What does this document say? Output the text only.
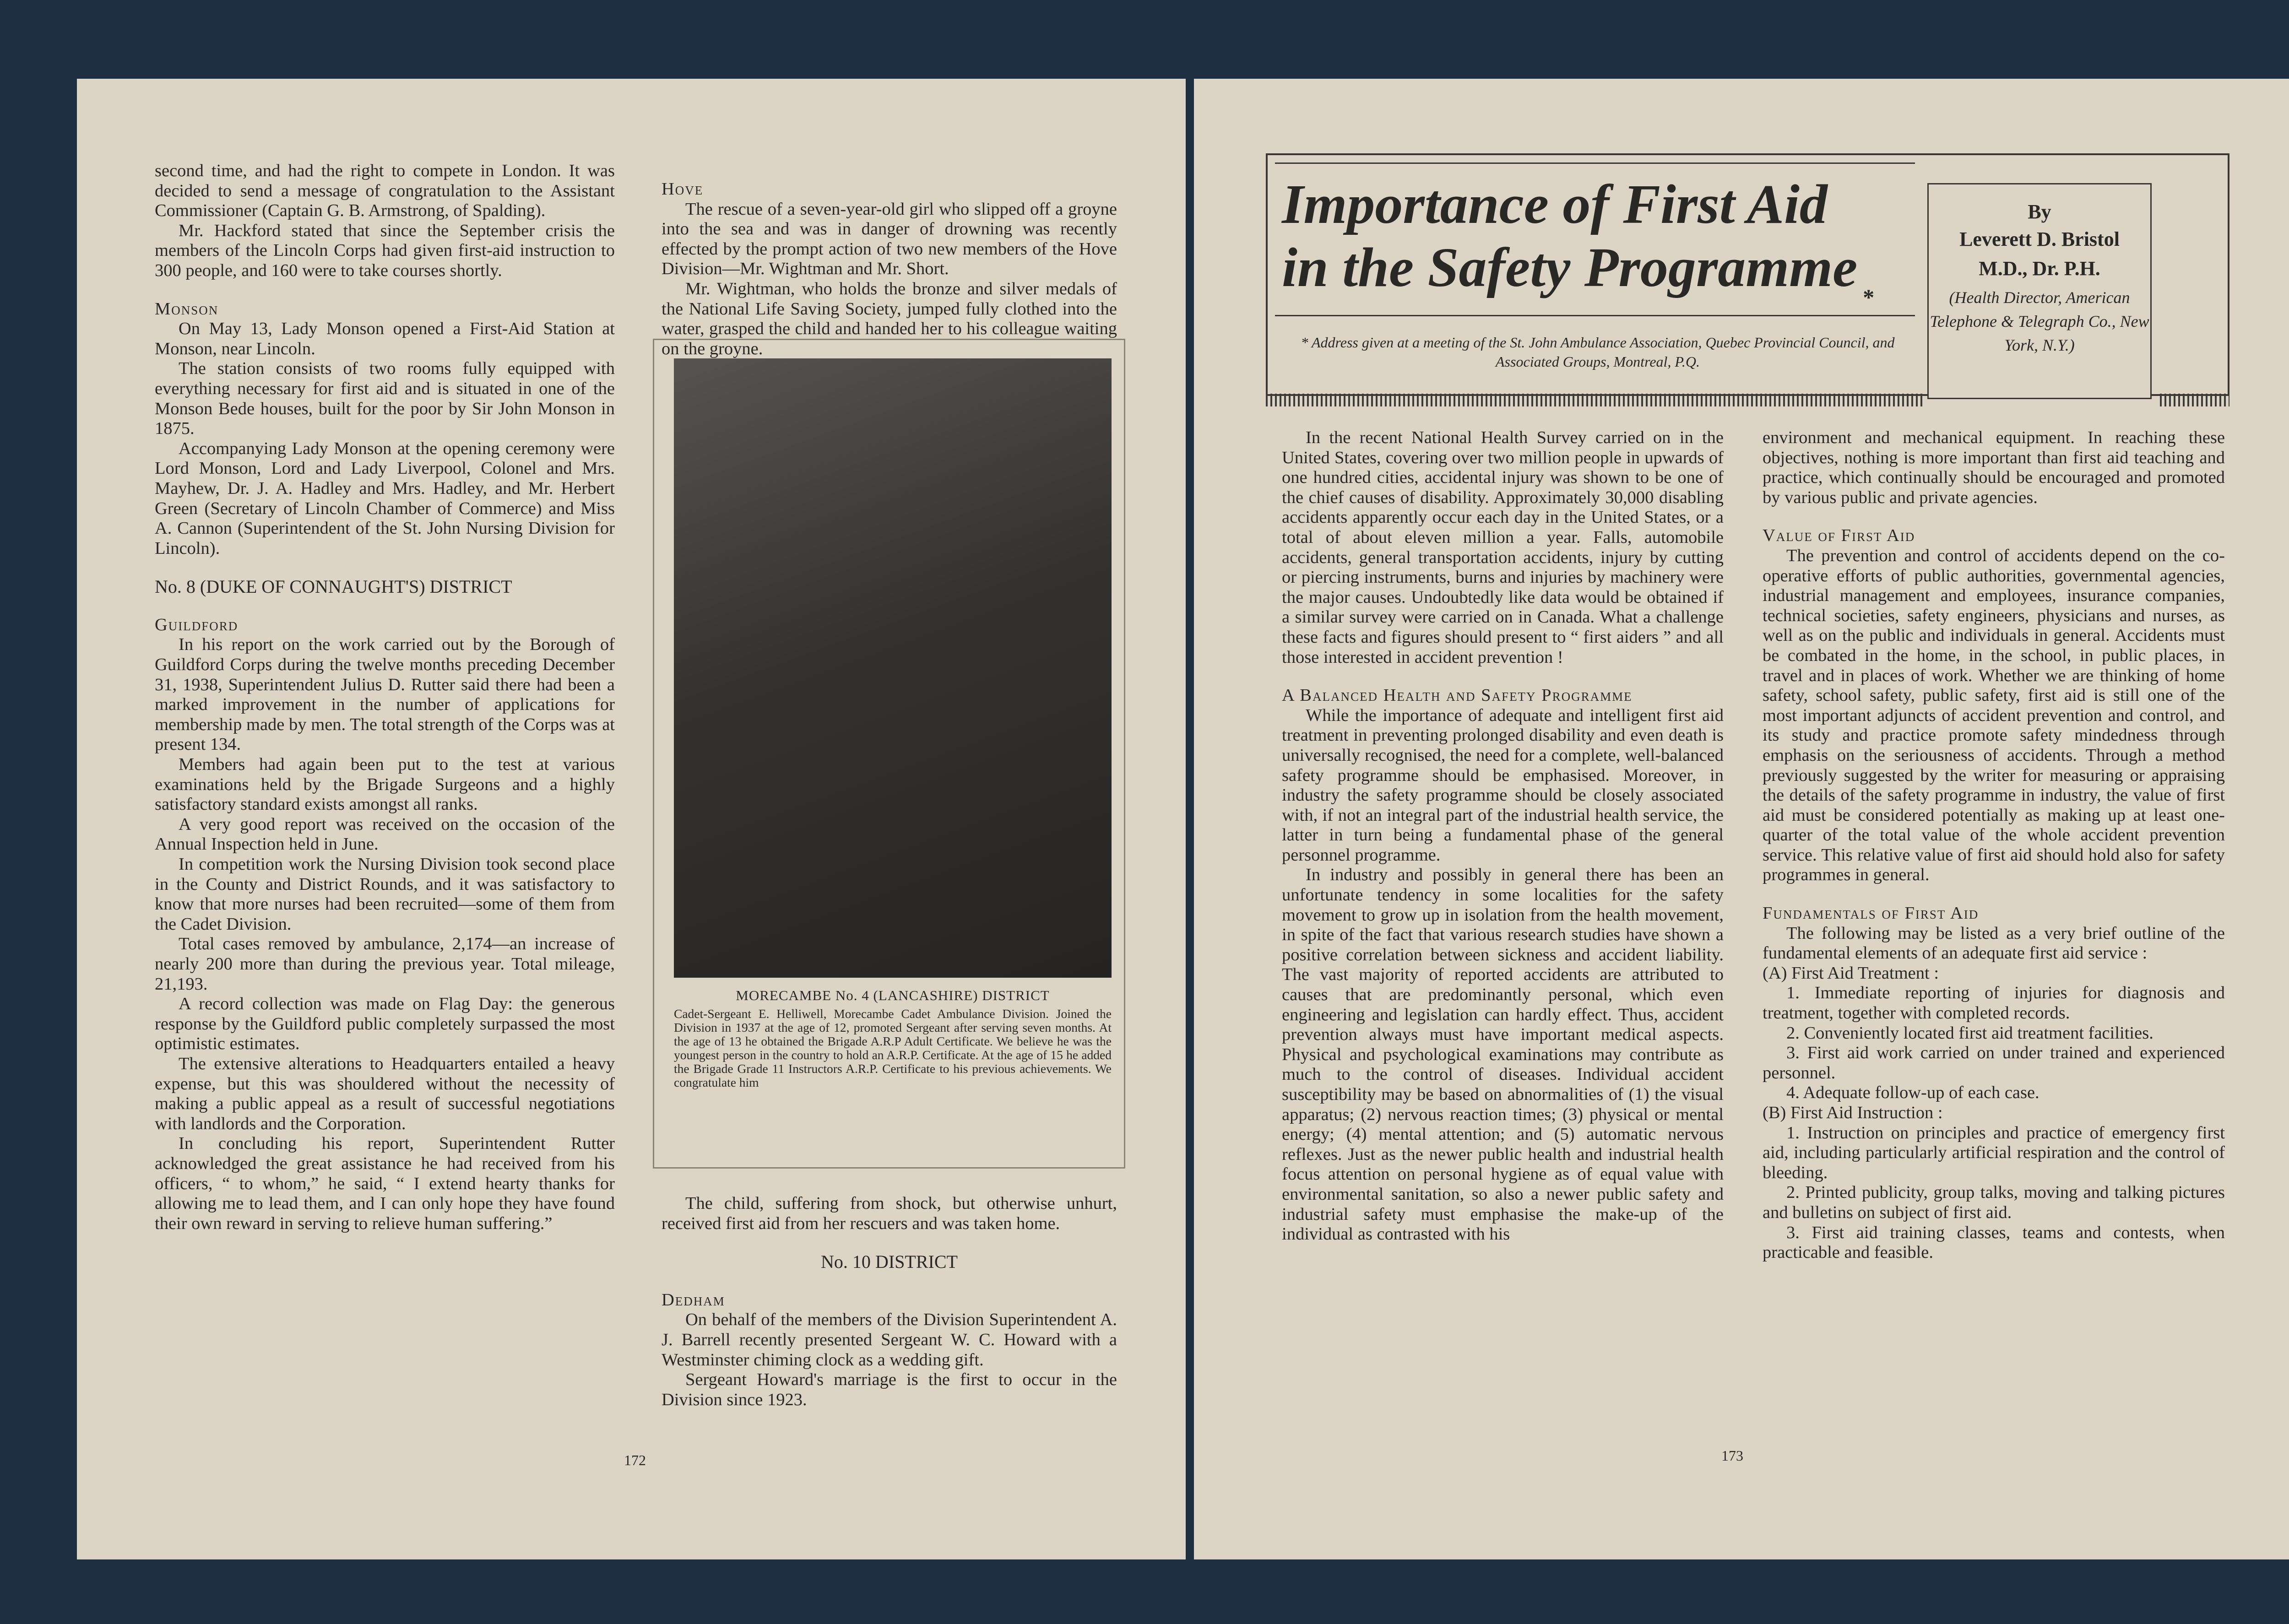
second time, and had the right to compete in London. It was decided to send a message of congratulation to the Assistant Commissioner (Captain G. B. Armstrong, of Spalding).

Mr. Hackford stated that since the September crisis the members of the Lincoln Corps had given first-aid instruction to 300 people, and 160 were to take courses shortly.

Monson

On May 13, Lady Monson opened a First-Aid Station at Monson, near Lincoln.

The station consists of two rooms fully equipped with everything necessary for first aid and is situated in one of the Monson Bede houses, built for the poor by Sir John Monson in 1875.

Accompanying Lady Monson at the opening ceremony were Lord Monson, Lord and Lady Liverpool, Colonel and Mrs. Mayhew, Dr. J. A. Hadley and Mrs. Hadley, and Mr. Herbert Green (Secretary of Lincoln Chamber of Commerce) and Miss A. Cannon (Superintendent of the St. John Nursing Division for Lincoln).

No. 8 (DUKE OF CONNAUGHT'S) DISTRICT

Guildford

In his report on the work carried out by the Borough of Guildford Corps during the twelve months preceding December 31, 1938, Superintendent Julius D. Rutter said there had been a marked improvement in the number of applications for membership made by men. The total strength of the Corps was at present 134.

Members had again been put to the test at various examinations held by the Brigade Surgeons and a highly satisfactory standard exists amongst all ranks.

A very good report was received on the occasion of the Annual Inspection held in June.

In competition work the Nursing Division took second place in the County and District Rounds, and it was satisfactory to know that more nurses had been recruited—some of them from the Cadet Division.

Total cases removed by ambulance, 2,174—an increase of nearly 200 more than during the previous year. Total mileage, 21,193.

A record collection was made on Flag Day: the generous response by the Guildford public completely surpassed the most optimistic estimates.

The extensive alterations to Headquarters entailed a heavy expense, but this was shouldered without the necessity of making a public appeal as a result of successful negotiations with landlords and the Corporation.

In concluding his report, Superintendent Rutter acknowledged the great assistance he had received from his officers, “ to whom,” he said, “ I extend hearty thanks for allowing me to lead them, and I can only hope they have found their own reward in serving to relieve human suffering.”

Hove

The rescue of a seven-year-old girl who slipped off a groyne into the sea and was in danger of drowning was recently effected by the prompt action of two new members of the Hove Division—Mr. Wightman and Mr. Short.

Mr. Wightman, who holds the bronze and silver medals of the National Life Saving Society, jumped fully clothed into the water, grasped the child and handed her to his colleague waiting on the groyne.

MORECAMBE No. 4 (LANCASHIRE) DISTRICT
Cadet-Sergeant E. Helliwell, Morecambe Cadet Ambulance Division. Joined the Division in 1937 at the age of 12, promoted Sergeant after serving seven months. At the age of 13 he obtained the Brigade A.R.P Adult Certificate. We believe he was the youngest person in the country to hold an A.R.P. Certificate. At the age of 15 he added the Brigade Grade 11 Instructors A.R.P. Certificate to his previous achievements. We congratulate him

The child, suffering from shock, but otherwise unhurt, received first aid from her rescuers and was taken home.

No. 10 DISTRICT

Dedham

On behalf of the members of the Division Superintendent A. J. Barrell recently presented Sergeant W. C. Howard with a Westminster chiming clock as a wedding gift.

Sergeant Howard's marriage is the first to occur in the Division since 1923.

172
Importance of First Aid
in the Safety Programme *
* Address given at a meeting of the St. John Ambulance Association, Quebec Provincial Council, and Associated Groups, Montreal, P.Q.
By
Leverett D. Bristol
M.D., Dr. P.H.
(Health Director, American Telephone & Telegraph Co., New York, N.Y.)

In the recent National Health Survey carried on in the United States, covering over two million people in upwards of one hundred cities, accidental injury was shown to be one of the chief causes of disability. Approximately 30,000 disabling accidents apparently occur each day in the United States, or a total of about eleven million a year. Falls, automobile accidents, general transportation accidents, injury by cutting or piercing instruments, burns and injuries by machinery were the major causes. Undoubtedly like data would be obtained if a similar survey were carried on in Canada. What a challenge these facts and figures should present to “ first aiders ” and all those interested in accident prevention !

A Balanced Health and Safety Programme

While the importance of adequate and intelligent first aid treatment in preventing prolonged disability and even death is universally recognised, the need for a complete, well-balanced safety programme should be emphasised. Moreover, in industry the safety programme should be closely associated with, if not an integral part of the industrial health service, the latter in turn being a fundamental phase of the general personnel programme.

In industry and possibly in general there has been an unfortunate tendency in some localities for the safety movement to grow up in isolation from the health movement, in spite of the fact that various research studies have shown a positive correlation between sickness and accident liability. The vast majority of reported accidents are attributed to causes that are predominantly personal, which even engineering and legislation can hardly effect. Thus, accident prevention always must have important medical aspects. Physical and psychological examinations may contribute as much to the control of diseases. Individual accident susceptibility may be based on abnormalities of (1) the visual apparatus; (2) nervous reaction times; (3) physical or mental energy; (4) mental attention; and (5) automatic nervous reflexes. Just as the newer public health and industrial health focus attention on personal hygiene as of equal value with environmental sanitation, so also a newer public safety and industrial safety must emphasise the make-up of the individual as contrasted with his

environment and mechanical equipment. In reaching these objectives, nothing is more important than first aid teaching and practice, which continually should be encouraged and promoted by various public and private agencies.

Value of First Aid

The prevention and control of accidents depend on the co-operative efforts of public authorities, governmental agencies, industrial management and employees, insurance companies, technical societies, safety engineers, physicians and nurses, as well as on the public and individuals in general. Accidents must be combated in the home, in the school, in public places, in travel and in places of work. Whether we are thinking of home safety, school safety, public safety, first aid is still one of the most important adjuncts of accident prevention and control, and its study and practice promote safety mindedness through emphasis on the seriousness of accidents. Through a method previously suggested by the writer for measuring or appraising the details of the safety programme in industry, the value of first aid must be considered potentially as making up at least one-quarter of the total value of the whole accident prevention service. This relative value of first aid should hold also for safety programmes in general.

Fundamentals of First Aid

The following may be listed as a very brief outline of the fundamental elements of an adequate first aid service :

(A) First Aid Treatment :

1. Immediate reporting of injuries for diagnosis and treatment, together with completed records.

2. Conveniently located first aid treatment facilities.

3. First aid work carried on under trained and experienced personnel.

4. Adequate follow-up of each case.

(B) First Aid Instruction :

1. Instruction on principles and practice of emergency first aid, including particularly artificial respiration and the control of bleeding.

2. Printed publicity, group talks, moving and talking pictures and bulletins on subject of first aid.

3. First aid training classes, teams and contests, when practicable and feasible.

173
